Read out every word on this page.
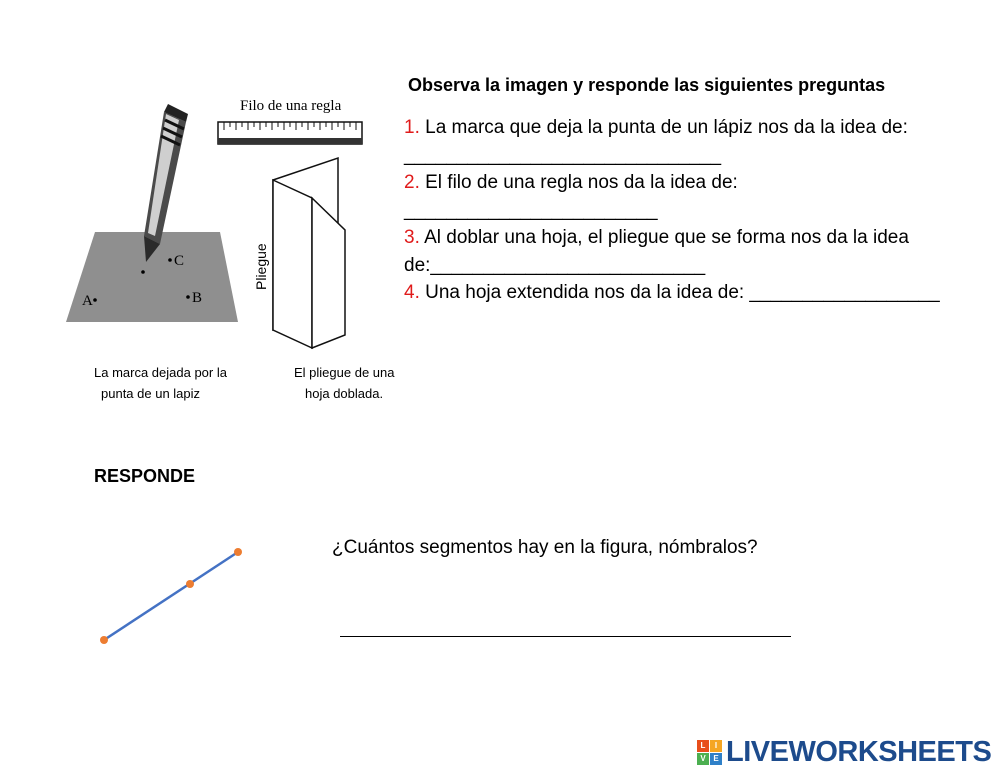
C
A	B
Filo de una regla
Pliegue
La marca dejada por la
punta de un lapiz
El pliegue de una
hoja doblada.
Observa la imagen y responde las siguientes preguntas
1. La marca que deja la punta de un lápiz nos da la idea de: ______________________________
2. El filo de una regla nos da la idea de: ________________________
3. Al doblar una hoja, el pliegue que se forma nos da la idea de:__________________________
4. Una hoja extendida nos da la idea de: __________________
RESPONDE
¿Cuántos segmentos hay en la figura, nómbralos?
L	I
V E LIVEWORKSHEETS
